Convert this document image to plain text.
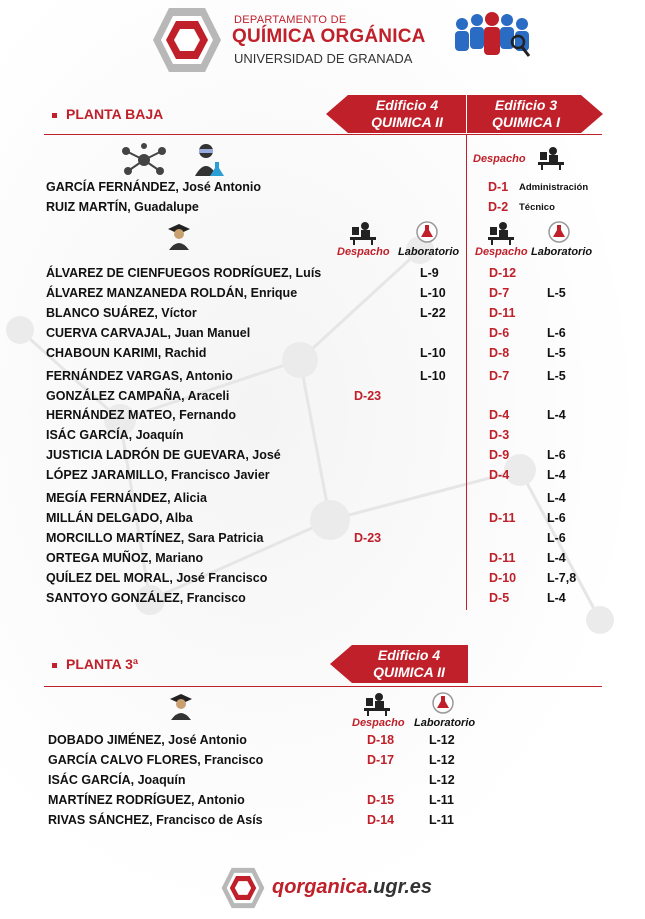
DEPARTAMENTO DE
QUÍMICA ORGÁNICA
UNIVERSIDAD DE GRANADA
PLANTA BAJA
Edificio 4
QUIMICA II
Edificio 3
QUIMICA I
Despacho
GARCÍA FERNÁNDEZ, José Antonio	D-1 Administración
RUIZ MARTÍN, Guadalupe	D-2 Técnico
Despacho Laboratorio Despacho Laboratorio
ÁLVAREZ DE CIENFUEGOS RODRÍGUEZ, Luís	L-9	D-12
ÁLVAREZ MANZANEDA ROLDÁN, Enrique	L-10	D-7	L-5
BLANCO SUÁREZ, Víctor	L-22	D-11
CUERVA CARVAJAL, Juan Manuel	D-6	L-6
CHABOUN KARIMI, Rachid	L-10	D-8	L-5
FERNÁNDEZ VARGAS, Antonio	L-10	D-7	L-5
GONZÁLEZ CAMPAÑA, Araceli	D-23
HERNÁNDEZ MATEO, Fernando	D-4	L-4
ISÁC GARCÍA, Joaquín	D-3
JUSTICIA LADRÓN DE GUEVARA, José	D-9	L-6
LÓPEZ JARAMILLO, Francisco Javier	D-4	L-4
MEGÍA FERNÁNDEZ, Alicia	L-4
MILLÁN DELGADO, Alba	D-11	L-6
MORCILLO MARTÍNEZ, Sara Patricia	D-23	L-6
ORTEGA MUÑOZ, Mariano	D-11	L-4
QUÍLEZ DEL MORAL, José Francisco	D-10 L-7,8
SANTOYO GONZÁLEZ, Francisco	D-5	L-4
PLANTA 3ª
Edificio 4
QUIMICA II
Despacho Laboratorio
DOBADO JIMÉNEZ, José Antonio	D-18	L-12
GARCÍA CALVO FLORES, Francisco	D-17	L-12
ISÁC GARCÍA, Joaquín	L-12
MARTÍNEZ RODRÍGUEZ, Antonio	D-15	L-11
RIVAS SÁNCHEZ, Francisco de Asís	D-14	L-11
qorganica.ugr.es
